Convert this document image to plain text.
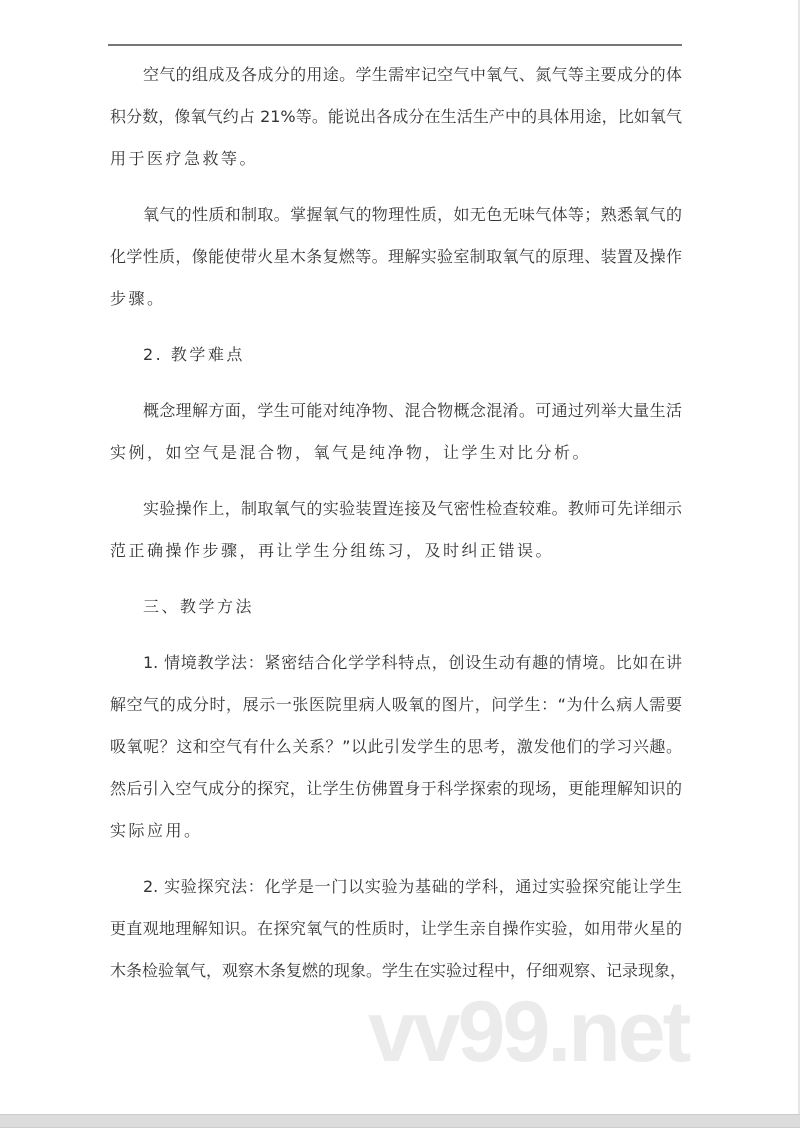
空气的组成及各成分的用途。学生需牢记空气中氧气、氮气等主要成分的体
积分数，像氧气约占 21%等。能说出各成分在生活生产中的具体用途，比如氧气
用于医疗急救等。
氧气的性质和制取。掌握氧气的物理性质，如无色无味气体等；熟悉氧气的
化学性质，像能使带火星木条复燃等。理解实验室制取氧气的原理、装置及操作
步骤。
2. 教学难点
概念理解方面，学生可能对纯净物、混合物概念混淆。可通过列举大量生活
实例，如空气是混合物，氧气是纯净物，让学生对比分析。
实验操作上，制取氧气的实验装置连接及气密性检查较难。教师可先详细示
范正确操作步骤，再让学生分组练习，及时纠正错误。
三、教学方法
1. 情境教学法：紧密结合化学学科特点，创设生动有趣的情境。比如在讲
解空气的成分时，展示一张医院里病人吸氧的图片，问学生：“为什么病人需要
吸氧呢？这和空气有什么关系？”以此引发学生的思考，激发他们的学习兴趣。
然后引入空气成分的探究，让学生仿佛置身于科学探索的现场，更能理解知识的
实际应用。
2. 实验探究法：化学是一门以实验为基础的学科，通过实验探究能让学生
更直观地理解知识。在探究氧气的性质时，让学生亲自操作实验，如用带火星的
木条检验氧气，观察木条复燃的现象。学生在实验过程中，仔细观察、记录现象，
vv99.net
